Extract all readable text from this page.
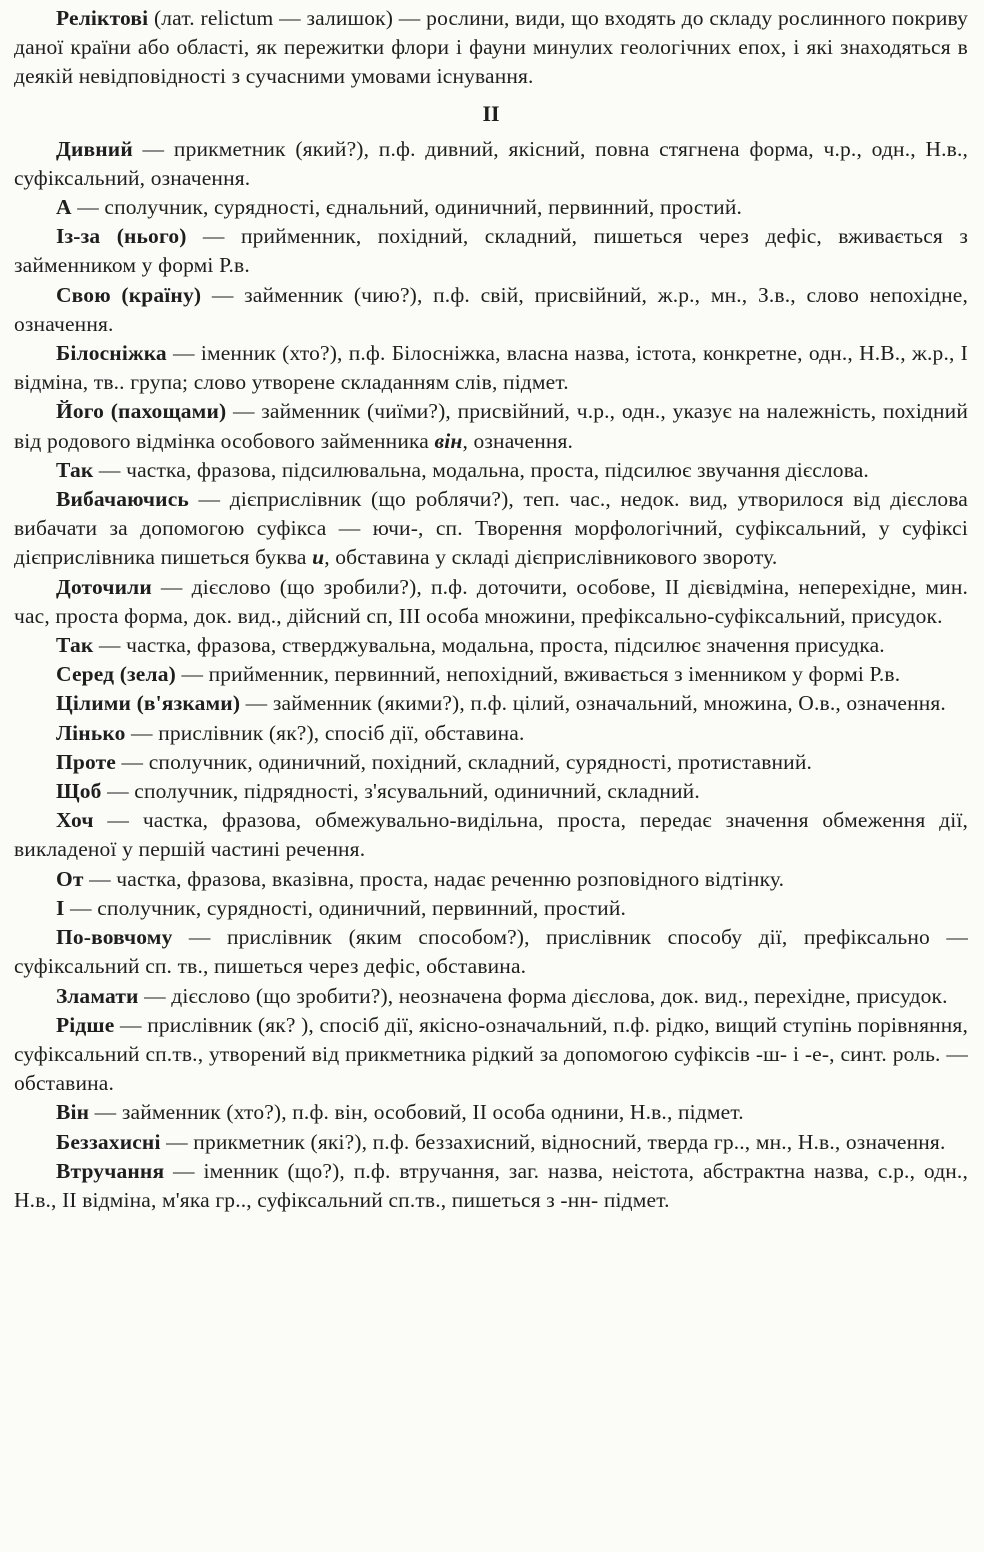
Реліктові (лат. relictum — залишок) — рослини, види, що входять до складу рослинного покриву даної країни або області, як пережитки флори і фауни минулих геологічних епох, і які знаходяться в деякій невідповідності з сучасними умовами існування.

II

Дивний — прикметник (який?), п.ф. дивний, якісний, повна стягнена форма, ч.р., одн., Н.в., суфіксальний, означення.

А — сполучник, сурядності, єднальний, одиничний, первинний, простий.

Із-за (нього) — прийменник, похідний, складний, пишеться через дефіс, вживається з займенником у формі Р.в.

Свою (країну) — займенник (чию?), п.ф. свій, присвійний, ж.р., мн., З.в., слово непохідне, означення.

Білосніжка — іменник (хто?), п.ф. Білосніжка, власна назва, істота, конкретне, одн., Н.В., ж.р., І відміна, тв.. група; слово утворене складанням слів, підмет.

Його (пахощами) — займенник (чиїми?), присвійний, ч.р., одн., указує на належність, похідний від родового відмінка особового займенника він, означення.

Так — частка, фразова, підсилювальна, модальна, проста, підсилює звучання дієслова.

Вибачаючись — дієприслівник (що роблячи?), теп. час., недок. вид, утворилося від дієслова вибачати за допомогою суфікса — ючи-, сп. Творення морфологічний, суфіксальний, у суфіксі дієприслівника пишеться буква и, обставина у складі дієприслівникового звороту.

Доточили — дієслово (що зробили?), п.ф. доточити, особове, II дієвідміна, неперехідне, мин. час, проста форма, док. вид., дійсний сп, III особа множини, префіксально-суфіксальний, присудок.

Так — частка, фразова, стверджувальна, модальна, проста, підсилює значення присудка.

Серед (зела) — прийменник, первинний, непохідний, вживається з іменником у формі Р.в.

Цілими (в'язками) — займенник (якими?), п.ф. цілий, означальний, множина, О.в., означення.

Лінько — прислівник (як?), спосіб дії, обставина.

Проте — сполучник, одиничний, похідний, складний, сурядності, протиставний.

Щоб — сполучник, підрядності, з'ясувальний, одиничний, складний.

Хоч — частка, фразова, обмежувально-видільна, проста, передає значення обмеження дії, викладеної у першій частині речення.

От — частка, фразова, вказівна, проста, надає реченню розповідного відтінку.

І — сполучник, сурядності, одиничний, первинний, простий.

По-вовчому — прислівник (яким способом?), прислівник способу дії, префіксально — суфіксальний сп. тв., пишеться через дефіс, обставина.

Зламати — дієслово (що зробити?), неозначена форма дієслова, док. вид., перехідне, присудок.

Рідше — прислівник (як? ), спосіб дії, якісно-означальний, п.ф. рідко, вищий ступінь порівняння, суфіксальний сп.тв., утворений від прикметника рідкий за допомогою суфіксів -ш- і -е-, синт. роль. — обставина.

Він — займенник (хто?), п.ф. він, особовий, II особа однини, Н.в., підмет.

Беззахисні — прикметник (які?), п.ф. беззахисний, відносний, тверда гр.., мн., Н.в., означення.

Втручання — іменник (що?), п.ф. втручання, заг. назва, неістота, абстрактна назва, с.р., одн., Н.в., II відміна, м'яка гр.., суфіксальний сп.тв., пишеться з -нн- підмет.
